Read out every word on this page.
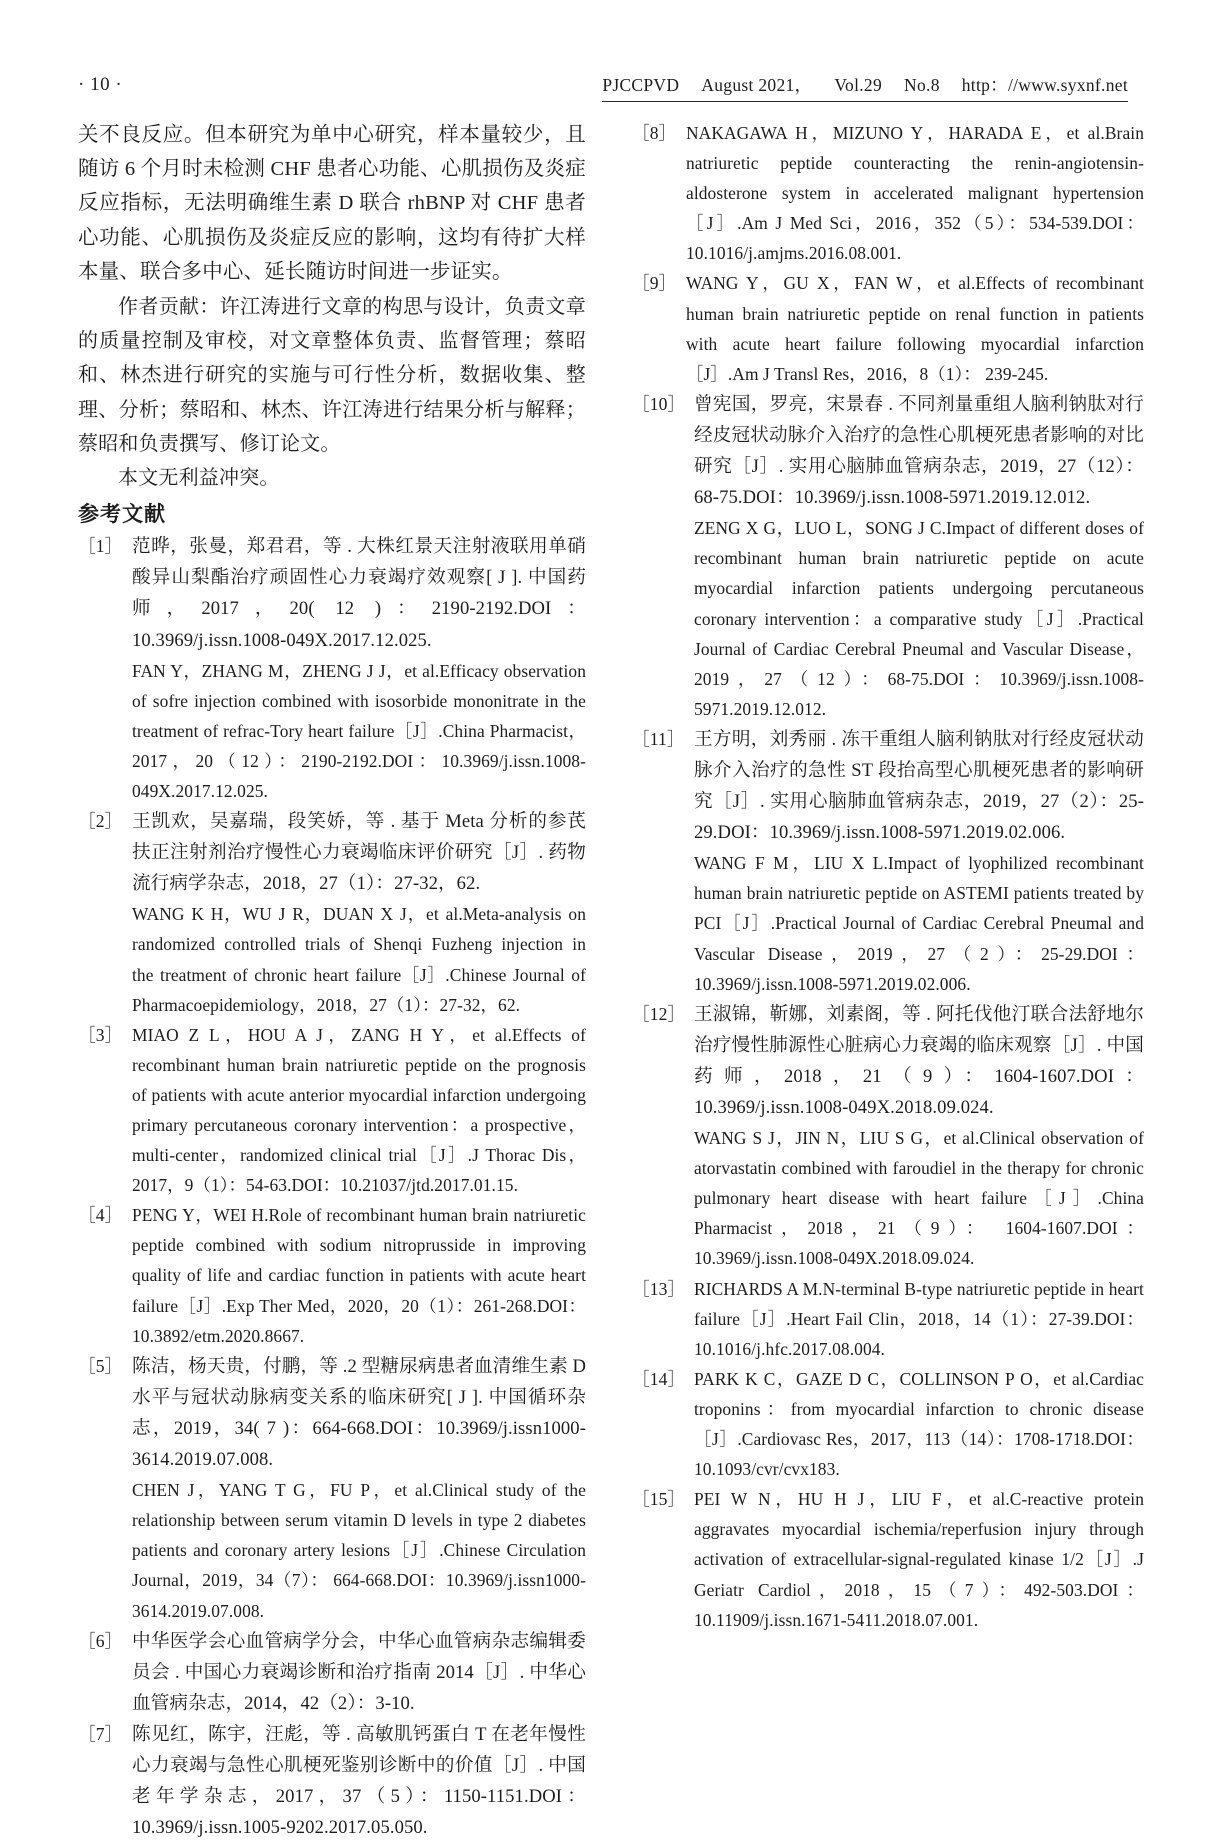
· 10 ·	PJCCPVD August 2021， Vol.29 No.8 http：//www.syxnf.net

关不良反应。但本研究为单中心研究，样本量较少，且随访 6 个月时未检测 CHF 患者心功能、心肌损伤及炎症反应指标，无法明确维生素 D 联合 rhBNP 对 CHF 患者心功能、心肌损伤及炎症反应的影响，这均有待扩大样本量、联合多中心、延长随访时间进一步证实。

作者贡献：许江涛进行文章的构思与设计，负责文章的质量控制及审校，对文章整体负责、监督管理；蔡昭和、林杰进行研究的实施与可行性分析，数据收集、整理、分析；蔡昭和、林杰、许江涛进行结果分析与解释；蔡昭和负责撰写、修订论文。

本文无利益冲突。

参考文献

［1］ 范晔，张曼，郑君君，等 . 大株红景天注射液联用单硝酸异山梨酯治疗顽固性心力衰竭疗效观察[ J ]. 中国药师，2017，20( 12 )：2190-2192.DOI：10.3969/j.issn.1008-049X.2017.12.025.
FAN Y，ZHANG M，ZHENG J J，et al.Efficacy observation of sofre injection combined with isosorbide mononitrate in the treatment of refrac-Tory heart failure［J］.China Pharmacist，2017，20（12）：2190-2192.DOI：10.3969/j.issn.1008-049X.2017.12.025.

［2］ 王凯欢，吴嘉瑞，段笑娇，等 . 基于 Meta 分析的参芪扶正注射剂治疗慢性心力衰竭临床评价研究［J］. 药物流行病学杂志，2018，27（1）：27-32，62.
WANG K H，WU J R，DUAN X J，et al.Meta-analysis on randomized controlled trials of Shenqi Fuzheng injection in the treatment of chronic heart failure［J］.Chinese Journal of Pharmacoepidemiology，2018，27（1）：27-32，62.

［3］ MIAO Z L，HOU A J，ZANG H Y，et al.Effects of recombinant human brain natriuretic peptide on the prognosis of patients with acute anterior myocardial infarction undergoing primary percutaneous coronary intervention：a prospective，multi-center，randomized clinical trial［J］.J Thorac Dis，2017，9（1）：54-63.DOI：10.21037/jtd.2017.01.15.

［4］ PENG Y，WEI H.Role of recombinant human brain natriuretic peptide combined with sodium nitroprusside in improving quality of life and cardiac function in patients with acute heart failure［J］.Exp Ther Med，2020，20（1）：261-268.DOI：10.3892/etm.2020.8667.

［5］ 陈洁，杨天贵，付鹏，等 .2 型糖尿病患者血清维生素 D 水平与冠状动脉病变关系的临床研究[ J ]. 中国循环杂志，2019，34( 7 )：664-668.DOI：10.3969/j.issn1000-3614.2019.07.008.
CHEN J，YANG T G，FU P，et al.Clinical study of the relationship between serum vitamin D levels in type 2 diabetes patients and coronary artery lesions［J］.Chinese Circulation Journal，2019，34（7）： 664-668.DOI：10.3969/j.issn1000-3614.2019.07.008.

［6］ 中华医学会心血管病学分会，中华心血管病杂志编辑委员会 . 中国心力衰竭诊断和治疗指南 2014［J］. 中华心血管病杂志，2014，42（2）：3-10.

［7］ 陈见红，陈宇，汪彪，等 . 高敏肌钙蛋白 T 在老年慢性心力衰竭与急性心肌梗死鉴别诊断中的价值［J］. 中国老年学杂志，2017，37（5）：1150-1151.DOI：10.3969/j.issn.1005-9202.2017.05.050.

［8］ NAKAGAWA H，MIZUNO Y，HARADA E，et al.Brain natriuretic peptide counteracting the renin-angiotensin-aldosterone system in accelerated malignant hypertension［J］.Am J Med Sci，2016，352（5）：534-539.DOI：10.1016/j.amjms.2016.08.001.

［9］ WANG Y，GU X，FAN W，et al.Effects of recombinant human brain natriuretic peptide on renal function in patients with acute heart failure following myocardial infarction［J］.Am J Transl Res，2016，8（1）： 239-245.

［10］ 曾宪国，罗亮，宋景春 . 不同剂量重组人脑利钠肽对行经皮冠状动脉介入治疗的急性心肌梗死患者影响的对比研究［J］. 实用心脑肺血管病杂志，2019，27（12）：68-75.DOI：10.3969/j.issn.1008-5971.2019.12.012.
ZENG X G，LUO L，SONG J C.Impact of different doses of recombinant human brain natriuretic peptide on acute myocardial infarction patients undergoing percutaneous coronary intervention：a comparative study［J］.Practical Journal of Cardiac Cerebral Pneumal and Vascular Disease，2019，27（12）：68-75.DOI：10.3969/j.issn.1008-5971.2019.12.012.

［11］ 王方明，刘秀丽 . 冻干重组人脑利钠肽对行经皮冠状动脉介入治疗的急性 ST 段抬高型心肌梗死患者的影响研究［J］. 实用心脑肺血管病杂志，2019，27（2）：25-29.DOI：10.3969/j.issn.1008-5971.2019.02.006.
WANG F M，LIU X L.Impact of lyophilized recombinant human brain natriuretic peptide on ASTEMI patients treated by PCI［J］.Practical Journal of Cardiac Cerebral Pneumal and Vascular Disease，2019，27（2）：25-29.DOI：10.3969/j.issn.1008-5971.2019.02.006.

［12］ 王淑锦，靳娜，刘素阁，等 . 阿托伐他汀联合法舒地尔治疗慢性肺源性心脏病心力衰竭的临床观察［J］. 中国药师，2018，21（9）：1604-1607.DOI：10.3969/j.issn.1008-049X.2018.09.024.
WANG S J，JIN N，LIU S G，et al.Clinical observation of atorvastatin combined with faroudiel in the therapy for chronic pulmonary heart disease with heart failure［J］.China Pharmacist，2018，21（9）： 1604-1607.DOI：10.3969/j.issn.1008-049X.2018.09.024.

［13］ RICHARDS A M.N-terminal B-type natriuretic peptide in heart failure［J］.Heart Fail Clin，2018，14（1）：27-39.DOI：10.1016/j.hfc.2017.08.004.

［14］ PARK K C，GAZE D C，COLLINSON P O，et al.Cardiac troponins：from myocardial infarction to chronic disease［J］.Cardiovasc Res，2017，113（14）：1708-1718.DOI：10.1093/cvr/cvx183.

［15］ PEI W N，HU H J，LIU F，et al.C-reactive protein aggravates myocardial ischemia/reperfusion injury through activation of extracellular-signal-regulated kinase 1/2［J］.J Geriatr Cardiol，2018，15（7）：492-503.DOI：10.11909/j.issn.1671-5411.2018.07.001.
